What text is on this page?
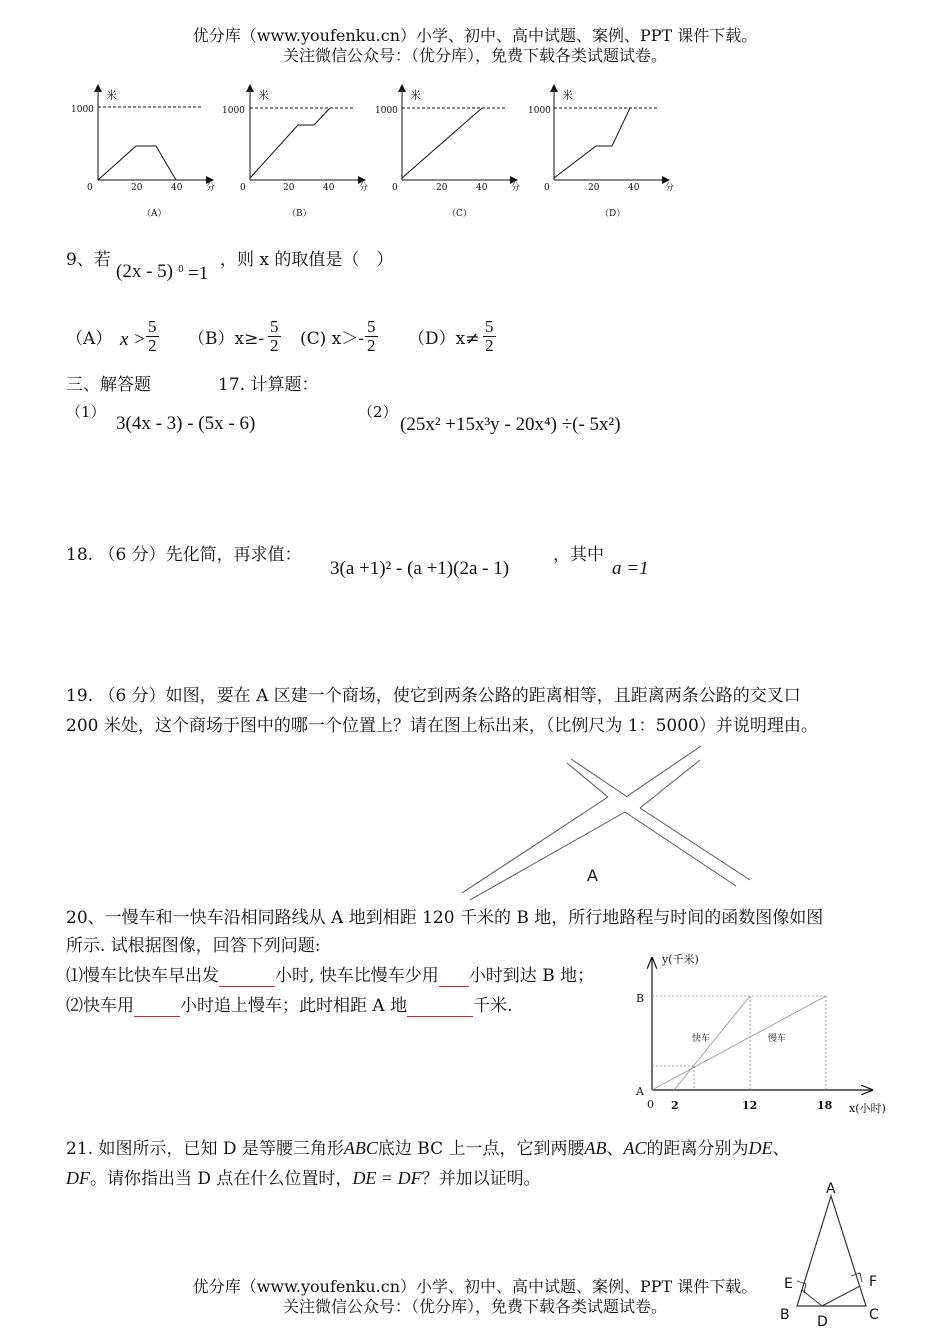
优分库（www.youfenku.cn）小学、初中、高中试题、案例、PPT 课件下载。
关注微信公众号：（优分库），免费下载各类试题试卷。
米	米	米	米
1000	1000	1000	1000
0	20	40	分	0	20	40	分	0	20	40	分	0	20	40	分
（A）	（B）	（C）	（D）
9、若
(2x - 5) 0 =1
，则 x 的取值是（　）
（A） $x > \frac{5}{2} (B)x\ge- \frac{5}{2} (C)$ $x>- \frac{5}{2} (D)x\ne \frac{5}{2}$
三、解答题	17. 计算题：
（1）
3(4x - 3) - (5x - 6)
（2）
(25x² +15x³y - 20x⁴) ÷(- 5x²)
18. （6 分）先化简，再求值：
3(a +1)² - (a +1)(2a - 1)
，其中
a =1
19. （6 分）如图，要在 A 区建一个商场，使它到两条公路的距离相等，且距离两条公路的交叉口
200 米处，这个商场于图中的哪一个位置上？请在图上标出来，（比例尺为 1：5000）并说明理由。
A
20、一慢车和一快车沿相同路线从 A 地到相距 120 千米的 B 地，所行地路程与时间的函数图像如图
所示. 试根据图像，回答下列问题:
⑴慢车比快车早出发	小时, 快车比慢车少用 小时到达 B 地；
⑵快车用	小时追上慢车；此时相距 A 地	千米.
y(千米)
B
A
0 2	12	18 x(小时)
快车	慢车
21. 如图所示，已知 D 是等腰三角形ABC底边 BC 上一点，它到两腰AB、AC的距离分别为DE、
DF。请你指出当 D 点在什么位置时，DE = DF？并加以证明。	A
B	C
D
E	F
优分库（www.youfenku.cn）小学、初中、高中试题、案例、PPT 课件下载。
关注微信公众号：（优分库），免费下载各类试题试卷。
